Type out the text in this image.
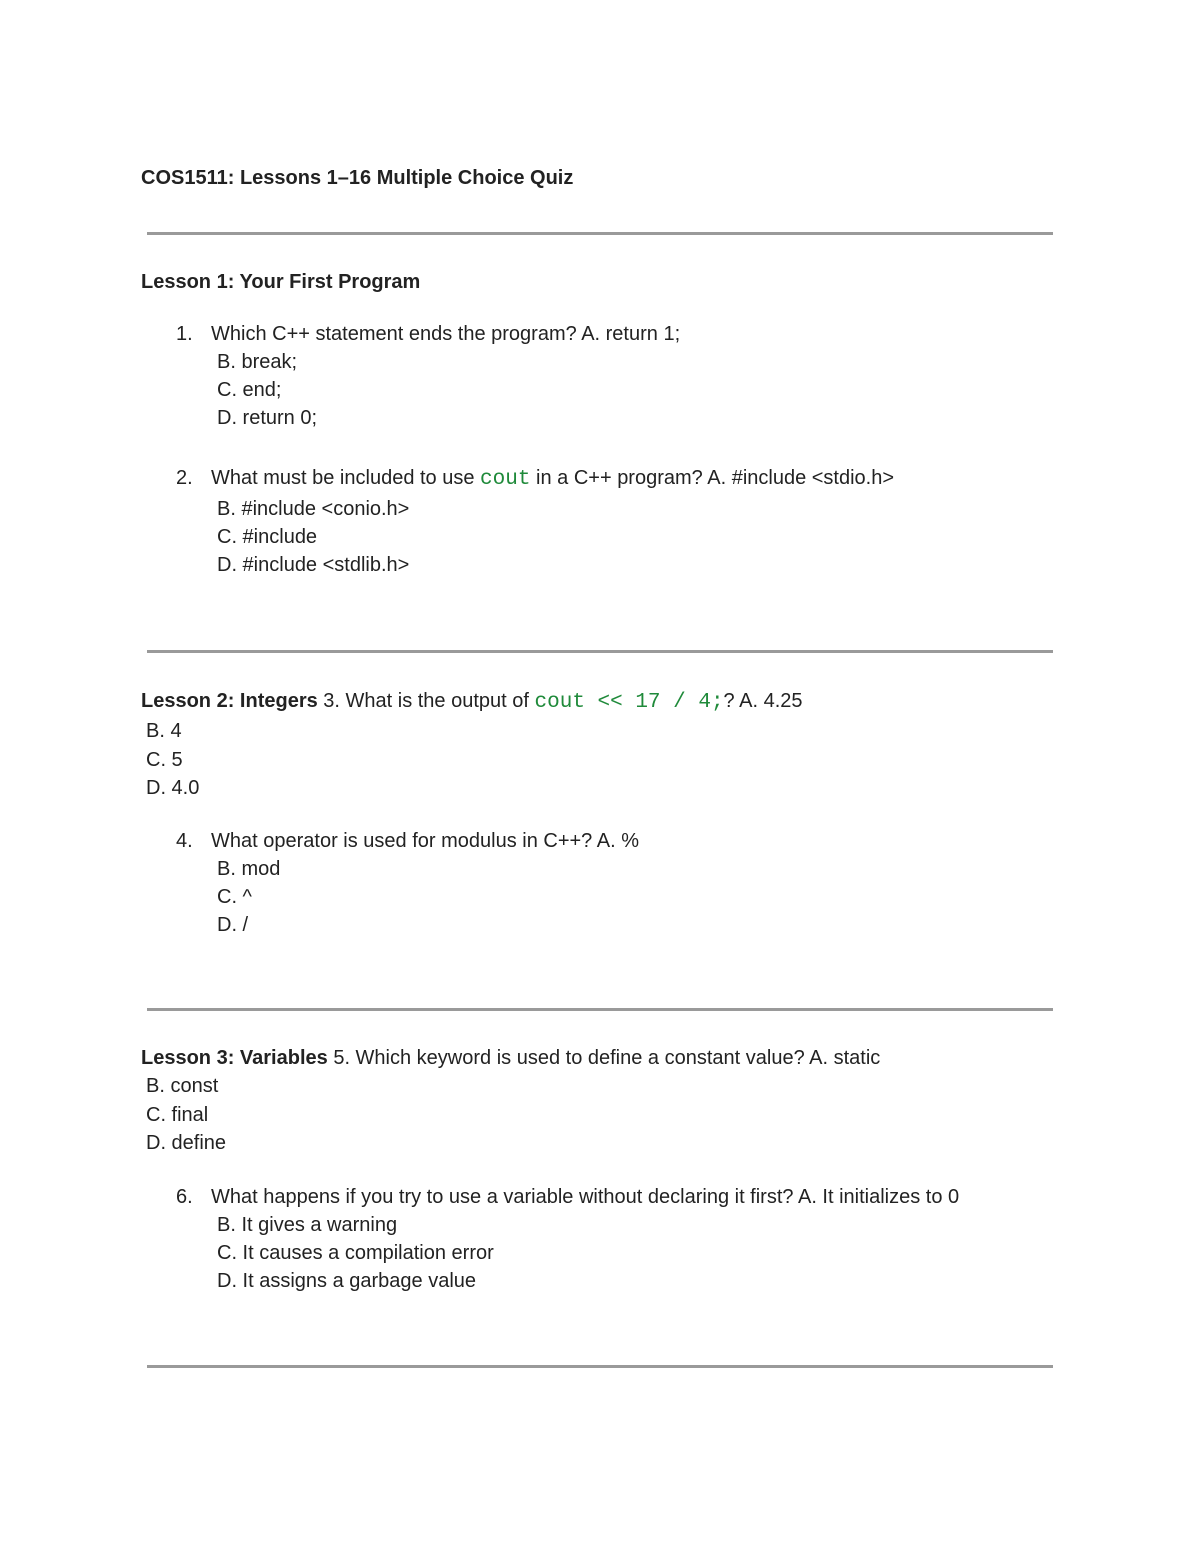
COS1511: Lessons 1–16 Multiple Choice Quiz
Lesson 1: Your First Program
1. Which C++ statement ends the program? A. return 1;
B. break;
C. end;
D. return 0;
2. What must be included to use cout in a C++ program? A. #include <stdio.h>
B. #include <conio.h>
C. #include
D. #include <stdlib.h>
Lesson 2: Integers 3. What is the output of cout << 17 / 4;? A. 4.25
B. 4
C. 5
D. 4.0
4. What operator is used for modulus in C++? A. %
B. mod
C. ^
D. /
Lesson 3: Variables 5. Which keyword is used to define a constant value? A. static
B. const
C. final
D. define
6. What happens if you try to use a variable without declaring it first? A. It initializes to 0
B. It gives a warning
C. It causes a compilation error
D. It assigns a garbage value
